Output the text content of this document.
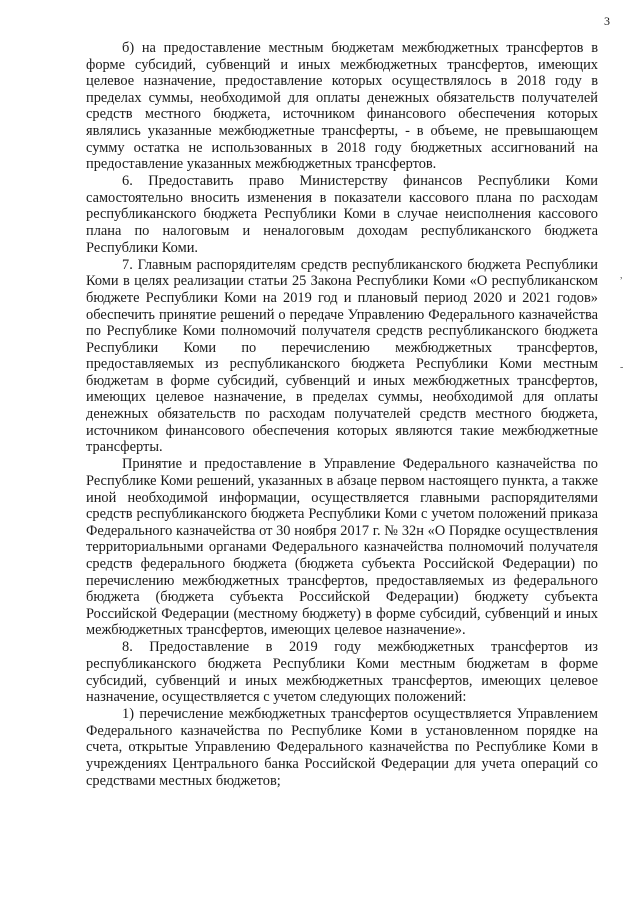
3

б) на предоставление местным бюджетам межбюджетных трансфертов в форме субсидий, субвенций и иных межбюджетных трансфертов, имеющих целевое назначение, предоставление которых осуществлялось в 2018 году в пределах суммы, необходимой для оплаты денежных обязательств получателей средств местного бюджета, источником финансового обеспечения которых являлись указанные межбюджетные трансферты, - в объеме, не превышающем сумму остатка не использованных в 2018 году бюджетных ассигнований на предоставление указанных межбюджетных трансфертов.

6. Предоставить право Министерству финансов Республики Коми самостоятельно вносить изменения в показатели кассового плана по расходам республиканского бюджета Республики Коми в случае неисполнения кассового плана по налоговым и неналоговым доходам республиканского бюджета Республики Коми.

7. Главным распорядителям средств республиканского бюджета Республики Коми в целях реализации статьи 25 Закона Республики Коми «О республиканском бюджете Республики Коми на 2019 год и плановый период 2020 и 2021 годов» обеспечить принятие решений о передаче Управлению Федерального казначейства по Республике Коми полномочий получателя средств республиканского бюджета Республики Коми по перечислению межбюджетных трансфертов, предоставляемых из республиканского бюджета Республики Коми местным бюджетам в форме субсидий, субвенций и иных межбюджетных трансфертов, имеющих целевое назначение, в пределах суммы, необходимой для оплаты денежных обязательств по расходам получателей средств местного бюджета, источником финансового обеспечения которых являются такие межбюджетные трансферты.

Принятие и предоставление в Управление Федерального казначейства по Республике Коми решений, указанных в абзаце первом настоящего пункта, а также иной необходимой информации, осуществляется главными распорядителями средств республиканского бюджета Республики Коми с учетом положений приказа Федерального казначейства от 30 ноября 2017 г. № 32н «О Порядке осуществления территориальными органами Федерального казначейства полномочий получателя средств федерального бюджета (бюджета субъекта Российской Федерации) по перечислению межбюджетных трансфертов, предоставляемых из федерального бюджета (бюджета субъекта Российской Федерации) бюджету субъекта Российской Федерации (местному бюджету) в форме субсидий, субвенций и иных межбюджетных трансфертов, имеющих целевое назначение».

8. Предоставление в 2019 году межбюджетных трансфертов из республиканского бюджета Республики Коми местным бюджетам в форме субсидий, субвенций и иных межбюджетных трансфертов, имеющих целевое назначение, осуществляется с учетом следующих положений:

1) перечисление межбюджетных трансфертов осуществляется Управлением Федерального казначейства по Республике Коми в установленном порядке на счета, открытые Управлению Федерального казначейства по Республике Коми в учреждениях Центрального банка Российской Федерации для учета операций со средствами местных бюджетов;

,
-
